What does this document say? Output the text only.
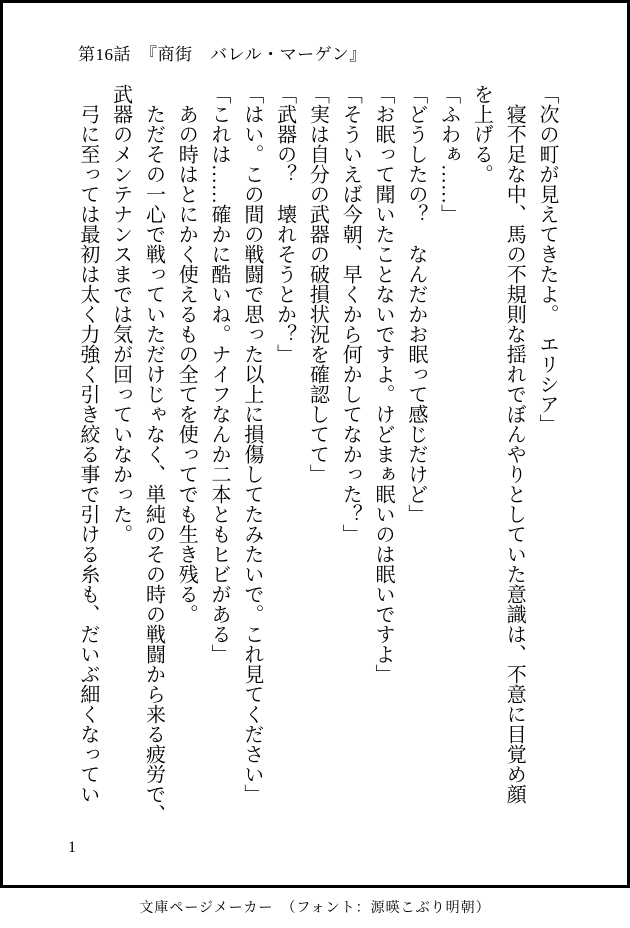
第16話　『商街　バレル・マーゲン』

「次の町が見えてきたよ。　エリシア」

　寝不足な中、馬の不規則な揺れでぼんやりとしていた意識は、不意に目覚め顔を上げる。

「ふわぁ……」

「どうしたの？　なんだかお眠って感じだけど」

「お眠って聞いたことないですよ。けどまぁ眠いのは眠いですよ」

「そういえば今朝、早くから何かしてなかった？」

「実は自分の武器の破損状況を確認してて」

「武器の？　壊れそうとか？」

「はい。この間の戦闘で思った以上に損傷してたみたいで。これ見てください」

「これは……確かに酷いね。ナイフなんか二本ともヒビがある」

　あの時はとにかく使えるもの全てを使ってでも生き残る。

　ただその一心で戦っていただけじゃなく、単純のその時の戦闘から来る疲労で、武器のメンテナンスまでは気が回っていなかった。

　弓に至っては最初は太く力強く引き絞る事で引ける糸も、だいぶ細くなってい

1
文庫ページメーカー　（フォント：源暎こぶり明朝）
